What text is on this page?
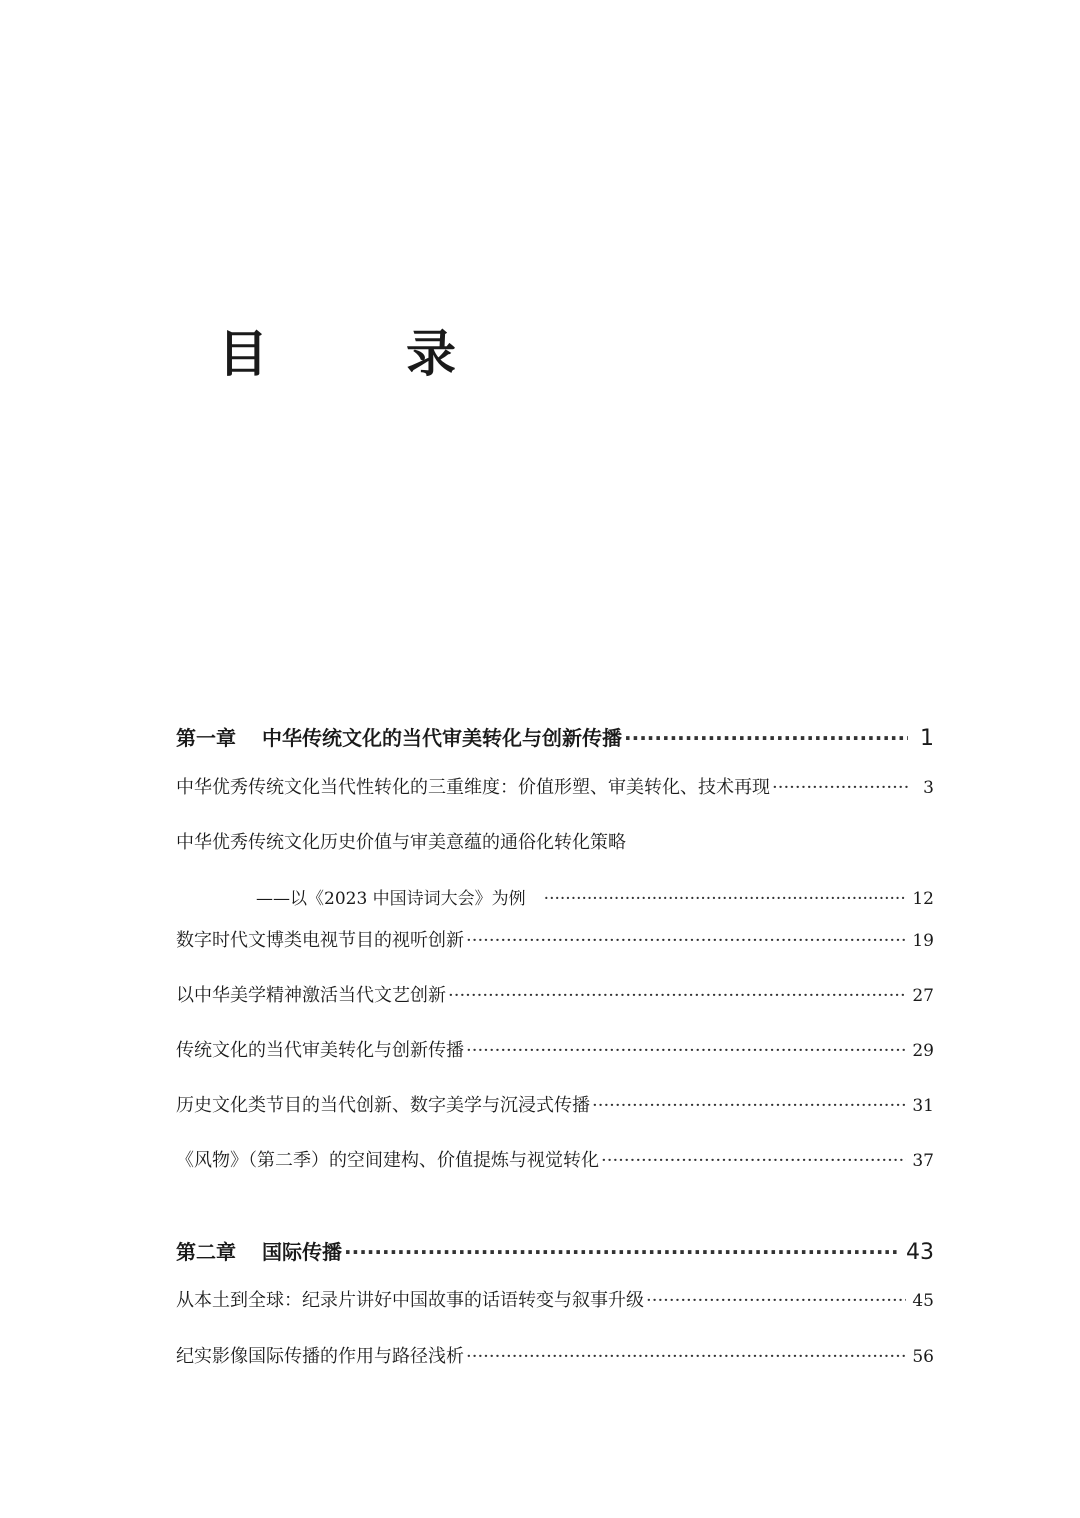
目　录
第一章 中华传统文化的当代审美转化与创新传播 ·····	1
中华优秀传统文化当代性转化的三重维度：价值形塑、审美转化、技术再现 ·····	3
中华优秀传统文化历史价值与审美意蕴的通俗化转化策略
——以《2023 中国诗词大会》为例 ·····	12
数字时代文博类电视节目的视听创新 ·····	19
以中华美学精神激活当代文艺创新 ·····	27
传统文化的当代审美转化与创新传播 ·····	29
历史文化类节目的当代创新、数字美学与沉浸式传播 ·····	31
《风物》（第二季）的空间建构、价值提炼与视觉转化 ·····	37
第二章 国际传播 ·····	43
从本土到全球：纪录片讲好中国故事的话语转变与叙事升级 ·····	45
纪实影像国际传播的作用与路径浅析 ·····	56
